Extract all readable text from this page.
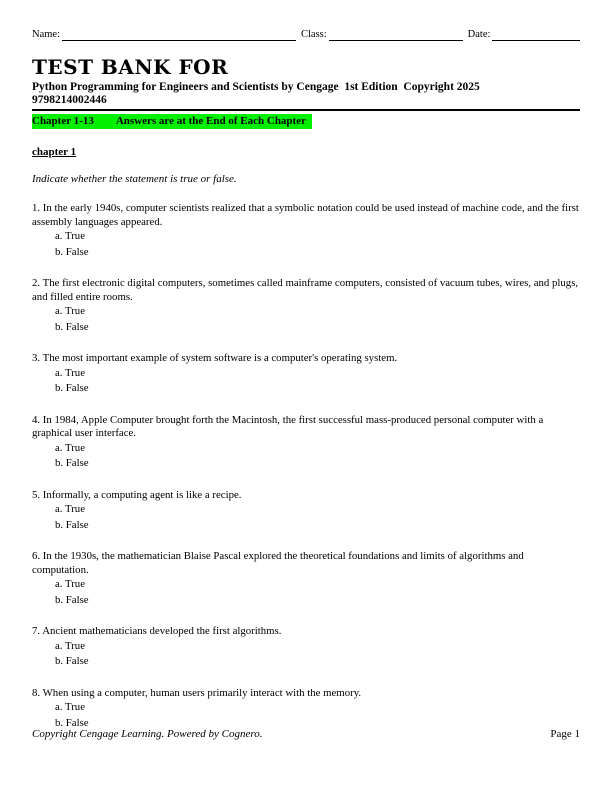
Name:	Class:	Date:
TEST BANK FOR
Python Programming for Engineers and Scientists by Cengage  1st Edition  Copyright 2025
9798214002446
Chapter 1-13 Answers are at the End of Each Chapter
chapter 1
Indicate whether the statement is true or false.
1. In the early 1940s, computer scientists realized that a symbolic notation could be used instead of machine code, and the first assembly languages appeared.
a. True
b. False
2. The first electronic digital computers, sometimes called mainframe computers, consisted of vacuum tubes, wires, and plugs, and filled entire rooms.
a. True
b. False
3. The most important example of system software is a computer's operating system.
a. True
b. False
4. In 1984, Apple Computer brought forth the Macintosh, the first successful mass-produced personal computer with a graphical user interface.
a. True
b. False
5. Informally, a computing agent is like a recipe.
a. True
b. False
6. In the 1930s, the mathematician Blaise Pascal explored the theoretical foundations and limits of algorithms and computation.
a. True
b. False
7. Ancient mathematicians developed the first algorithms.
a. True
b. False
8. When using a computer, human users primarily interact with the memory.
a. True
b. False
Copyright Cengage Learning. Powered by Cognero.	Page 1
